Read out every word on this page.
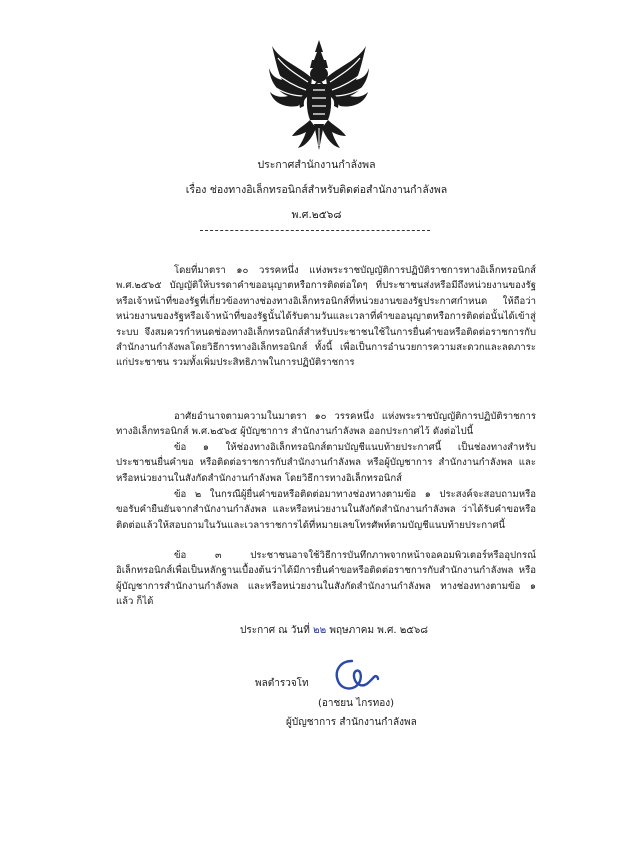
ประกาศสำนักงานกำลังพล
เรื่อง ช่องทางอิเล็กทรอนิกส์สำหรับติดต่อสำนักงานกำลังพล
พ.ศ.๒๕๖๘

โดยที่มาตรา ๑๐ วรรคหนึ่ง แห่งพระราชบัญญัติการปฏิบัติราชการทางอิเล็กทรอนิกส์ พ.ศ.๒๕๖๕ บัญญัติให้บรรดาคำขออนุญาตหรือการติดต่อใดๆ ที่ประชาชนส่งหรือมีถึงหน่วยงานของรัฐหรือเจ้าหน้าที่ของรัฐที่เกี่ยวข้องทางช่องทางอิเล็กทรอนิกส์ที่หน่วยงานของรัฐประกาศกำหนด ให้ถือว่าหน่วยงานของรัฐหรือเจ้าหน้าที่ของรัฐนั้นได้รับตามวันและเวลาที่คำขออนุญาตหรือการติดต่อนั้นได้เข้าสู่ระบบ จึงสมควรกำหนดช่องทางอิเล็กทรอนิกส์สำหรับประชาชนใช้ในการยื่นคำขอหรือติดต่อราชการกับสำนักงานกำลังพลโดยวิธีการทางอิเล็กทรอนิกส์ ทั้งนี้ เพื่อเป็นการอำนวยการความสะดวกและลดภาระแก่ประชาชน รวมทั้งเพิ่มประสิทธิภาพในการปฏิบัติราชการ

อาศัยอำนาจตามความในมาตรา ๑๐ วรรคหนึ่ง แห่งพระราชบัญญัติการปฏิบัติราชการทางอิเล็กทรอนิกส์ พ.ศ.๒๕๖๕ ผู้บัญชาการ สำนักงานกำลังพล ออกประกาศไว้ ดังต่อไปนี้

ข้อ ๑ ให้ช่องทางอิเล็กทรอนิกส์ตามบัญชีแนบท้ายประกาศนี้ เป็นช่องทางสำหรับประชาชนยื่นคำขอ หรือติดต่อราชการกับสำนักงานกำลังพล หรือผู้บัญชาการ สำนักงานกำลังพล และหรือหน่วยงานในสังกัดสำนักงานกำลังพล โดยวิธีการทางอิเล็กทรอนิกส์

ข้อ ๒ ในกรณีผู้ยื่นคำขอหรือติดต่อมาทางช่องทางตามข้อ ๑ ประสงค์จะสอบถามหรือขอรับคำยืนยันจากสำนักงานกำลังพล และหรือหน่วยงานในสังกัดสำนักงานกำลังพล ว่าได้รับคำขอหรือติดต่อแล้วให้สอบถามในวันและเวลาราชการได้ที่หมายเลขโทรศัพท์ตามบัญชีแนบท้ายประกาศนี้

ข้อ ๓ ประชาชนอาจใช้วิธีการบันทึกภาพจากหน้าจอคอมพิวเตอร์หรืออุปกรณ์อิเล็กทรอนิกส์เพื่อเป็นหลักฐานเบื้องต้นว่าได้มีการยื่นคำขอหรือติดต่อราชการกับสำนักงานกำลังพล หรือผู้บัญชาการสำนักงานกำลังพล และหรือหน่วยงานในสังกัดสำนักงานกำลังพล ทางช่องทางตามข้อ ๑ แล้ว ก็ได้

ประกาศ ณ วันที่ ๒๒ พฤษภาคม พ.ศ. ๒๕๖๘
พลตำรวจโท
(อาชยน ไกรทอง)
ผู้บัญชาการ สำนักงานกำลังพล
